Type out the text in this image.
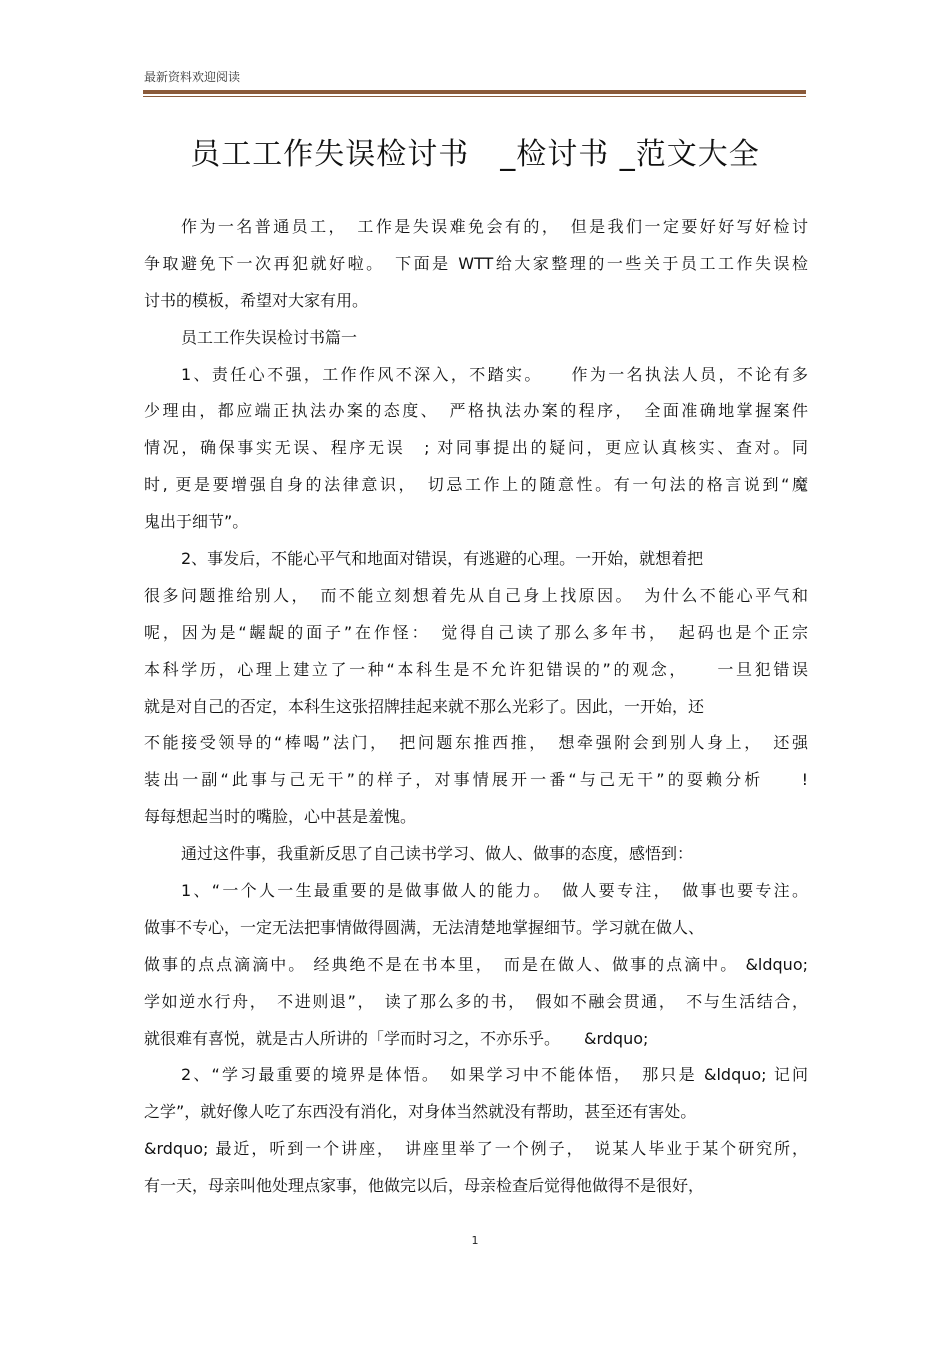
最新资料欢迎阅读
员工工作失误检讨书　_检讨书 _范文大全
作为一名普通员工，　工作是失误难免会有的，　但是我们一定要好好写好检讨
争取避免下一次再犯就好啦。　下面是 WTT给大家整理的一些关于员工工作失误检
讨书的模板，希望对大家有用。
员工工作失误检讨书篇一
1、责任心不强，工作作风不深入，不踏实。　　作为一名执法人员，不论有多
少理由，都应端正执法办案的态度、　严格执法办案的程序，　全面准确地掌握案件
情况，确保事实无误、程序无误　; 对同事提出的疑问，更应认真核实、查对。同
时, 更是要增强自身的法律意识，　切忌工作上的随意性。有一句法的格言说到“魔
鬼出于细节”。
2、事发后，不能心平气和地面对错误，有逃避的心理。一开始，就想着把
很多问题推给别人，　而不能立刻想着先从自己身上找原因。　为什么不能心平气和
呢，因为是“龌龊的面子”在作怪：　觉得自己读了那么多年书，　起码也是个正宗
本科学历，心理上建立了一种“本科生是不允许犯错误的”的观念，　　一旦犯错误
就是对自己的否定，本科生这张招牌挂起来就不那么光彩了。因此，一开始，还
不能接受领导的“棒喝”法门，　把问题东推西推，　想牵强附会到别人身上，　还强
装出一副“此事与己无干”的样子，对事情展开一番“与己无干”的耍赖分析　　!
每每想起当时的嘴脸，心中甚是羞愧。
通过这件事，我重新反思了自己读书学习、做人、做事的态度，感悟到：
1、“一个人一生最重要的是做事做人的能力。　做人要专注，　做事也要专注。
做事不专心，一定无法把事情做得圆满，无法清楚地掌握细节。学习就在做人、
做事的点点滴滴中。 经典绝不是在书本里，　而是在做人、做事的点滴中。 &ldquo;
学如逆水行舟，　不进则退”，　读了那么多的书，　假如不融会贯通，　不与生活结合，
就很难有喜悦，就是古人所讲的「学而时习之，不亦乐乎。　　&rdquo;
2、“学习最重要的境界是体悟。　如果学习中不能体悟，　那只是 &ldquo; 记问
之学”，就好像人吃了东西没有消化，对身体当然就没有帮助，甚至还有害处。
&rdquo; 最近，听到一个讲座，　讲座里举了一个例子，　说某人毕业于某个研究所，
有一天，母亲叫他处理点家事，他做完以后，母亲检查后觉得他做得不是很好，
1
